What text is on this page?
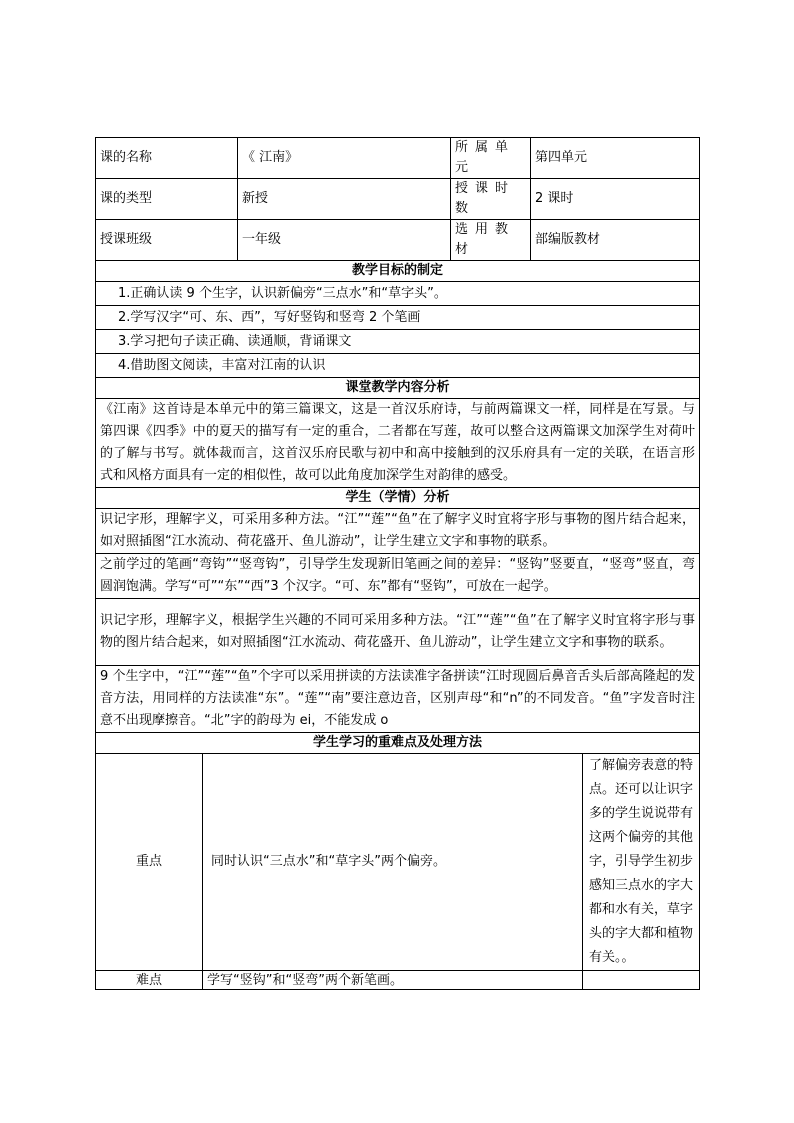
课的名称	《 江南》	所属单元	第四单元
课的类型	新授	授课时数	2 课时
授课班级	一年级	选用教材	部编版教材
教学目标的制定			
1.正确认读 9 个生字，认识新偏旁“三点水”和“草字头”。			
2.学写汉字“可、东、西”，写好竖钩和竖弯 2 个笔画			
3.学习把句子读正确、读通顺，背诵课文			
4.借助图文阅读，丰富对江南的认识			
课堂教学内容分析			
《江南》这首诗是本单元中的第三篇课文，这是一首汉乐府诗，与前两篇课文一样，同样是在写景。与第四课《四季》中的夏天的描写有一定的重合，二者都在写莲，故可以整合这两篇课文加深学生对荷叶的了解与书写。就体裁而言，这首汉乐府民歌与初中和高中接触到的汉乐府具有一定的关联，在语言形式和风格方面具有一定的相似性，故可以此角度加深学生对韵律的感受。			
学生（学情）分析			
识记字形，理解字义，可采用多种方法。“江”“莲”“鱼”在了解字义时宜将字形与事物的图片结合起来，如对照插图“江水流动、荷花盛开、鱼儿游动”，让学生建立文字和事物的联系。			
之前学过的笔画“弯钩”“竖弯钩”，引导学生发现新旧笔画之间的差异：“竖钩”竖要直，“竖弯”竖直，弯圆润饱满。学写“可”“东”“西”3 个汉字。“可、东”都有“竖钩”，可放在一起学。			
识记字形，理解字义，根据学生兴趣的不同可采用多种方法。“江”“莲”“鱼”在了解字义时宜将字形与事物的图片结合起来，如对照插图“江水流动、荷花盛开、鱼儿游动”，让学生建立文字和事物的联系。			
9 个生字中，“江”“莲”“鱼”个字可以采用拼读的方法读准字备拼读“江时现圆后鼻音舌头后部高隆起的发音方法，用同样的方法读准“东”。“莲”“南”要注意边音，区别声母“和“n”的不同发音。“鱼”字发音时注意不出现摩擦音。“北”字的韵母为 ei，不能发成 o			
学生学习的重难点及处理方法			
重点	同时认识“三点水”和“草字头”两个偏旁。	了解偏旁表意的特点。还可以让识字多的学生说说带有这两个偏旁的其他字，引导学生初步感知三点水的字大都和水有关，草字头的字大都和植物有关。。
难点	学写“竖钩”和“竖弯”两个新笔画。	
